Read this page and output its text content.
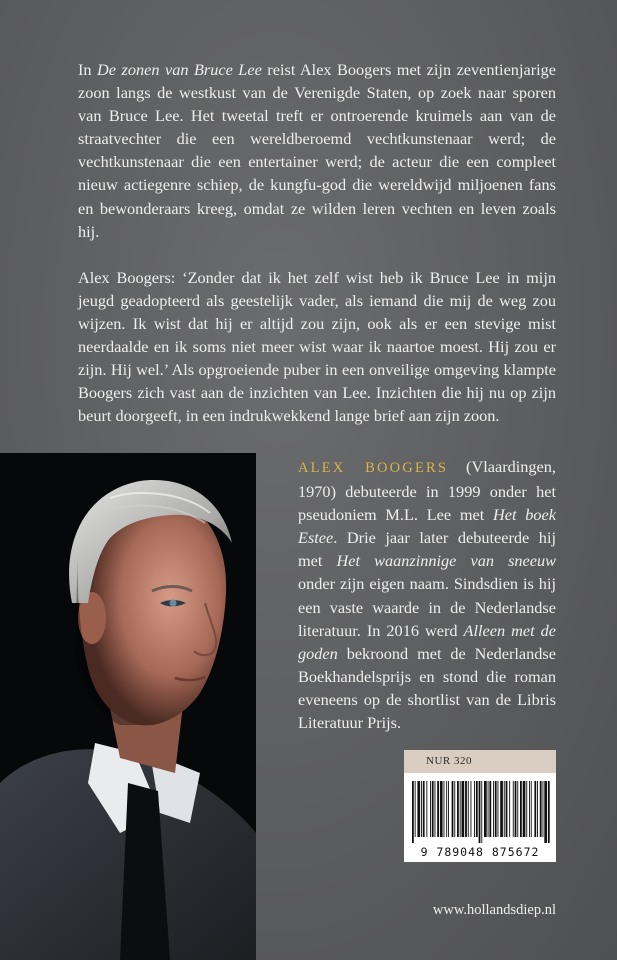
In De zonen van Bruce Lee reist Alex Boogers met zijn zeventienjarige zoon langs de westkust van de Verenigde Staten, op zoek naar sporen van Bruce Lee. Het tweetal treft er ontroerende kruimels aan van de straatvechter die een wereldberoemd vechtkunstenaar werd; de vechtkunstenaar die een entertainer werd; de acteur die een compleet nieuw actiegenre schiep, de kungfu-god die wereldwijd miljoenen fans en bewonderaars kreeg, omdat ze wilden leren vechten en leven zoals hij.

Alex Boogers: ‘Zonder dat ik het zelf wist heb ik Bruce Lee in mijn jeugd geadopteerd als geestelijk vader, als iemand die mij de weg zou wijzen. Ik wist dat hij er altijd zou zijn, ook als er een stevige mist neerdaalde en ik soms niet meer wist waar ik naartoe moest. Hij zou er zijn. Hij wel.’ Als opgroeiende puber in een onveilige omgeving klampte Boogers zich vast aan de inzichten van Lee. Inzichten die hij nu op zijn beurt doorgeeft, in een indrukwekkend lange brief aan zijn zoon.

ALEX BOOGERS (Vlaardingen, 1970) debuteerde in 1999 onder het pseudoniem M.L. Lee met Het boek Estee. Drie jaar later debuteerde hij met Het waanzinnige van sneeuw onder zijn eigen naam. Sindsdien is hij een vaste waarde in de Nederlandse literatuur. In 2016 werd Alleen met de goden bekroond met de Nederlandse Boekhandelsprijs en stond die roman eveneens op de shortlist van de Libris Literatuur Prijs.
NUR 320
9 789048 875672
www.hollandsdiep.nl
